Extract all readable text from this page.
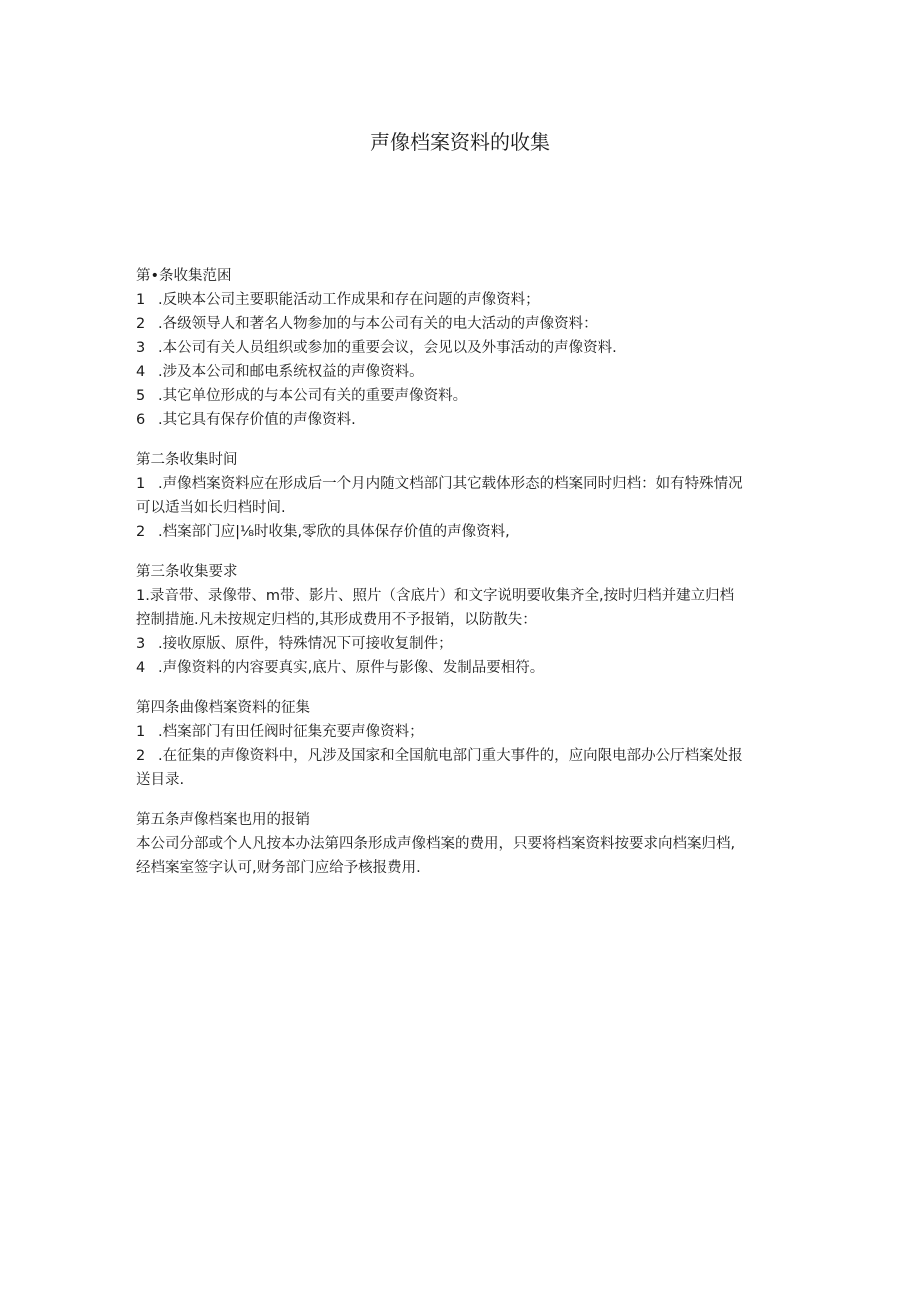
声像档案资料的收集
第•条收集范困
1 .反映本公司主要职能活动工作成果和存在问题的声像资料；
2 .各级领导人和著名人物参加的与本公司有关的电大活动的声像资料：
3 .本公司有关人员组织或参加的重要会议，会见以及外事活动的声像资料.
4 .涉及本公司和邮电系统权益的声像资料。
5 .其它单位形成的与本公司有关的重要声像资料。
6 .其它具有保存价值的声像资料.
第二条收集时间
1 .声像档案资料应在形成后一个月内随文档部门其它载体形态的档案同时归档：如有特殊情况
可以适当如长归档时间.
2 .档案部门应|⅛时收集,零欣的具体保存价值的声像资料,
第三条收集要求
1.录音带、录像带、m带、影片、照片（含底片）和文字说明要收集齐全,按时归档并建立归档
控制措施.凡未按规定归档的,其形成费用不予报销，以防散失：
3 .接收原版、原件，特殊情况下可接收复制件；
4 .声像资料的内容要真实,底片、原件与影像、发制品要相符。
第四条曲像档案资料的征集
1 .档案部门有田任阀时征集充要声像资料；
2 .在征集的声像资料中，凡涉及国家和全国航电部门重大事件的，应向限电部办公厅档案处报
送目录.
第五条声像档案也用的报销
本公司分部或个人凡按本办法第四条形成声像档案的费用，只要将档案资料按要求向档案归档,
经档案室签字认可,财务部门应给予核报费用.
